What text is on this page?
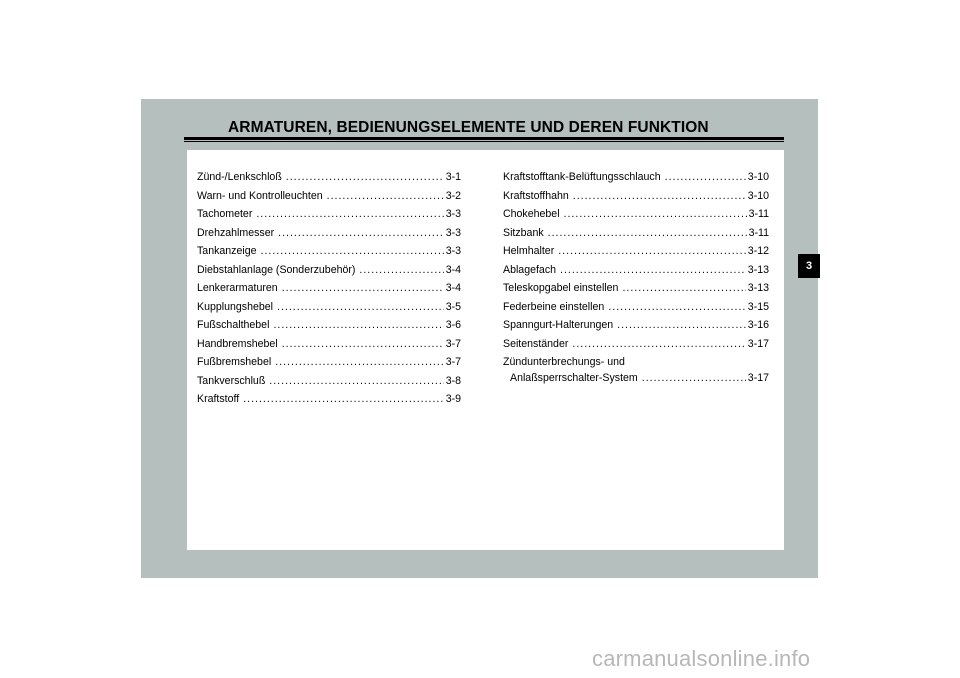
ARMATUREN, BEDIENUNGSELEMENTE UND DEREN FUNKTION
Zünd-/Lenkschloß .....	3-1
Warn- und Kontrolleuchten .....	3-2
Tachometer .....	3-3
Drehzahlmesser .....	3-3
Tankanzeige .....	3-3
Diebstahlanlage (Sonderzubehör) .....	3-4
Lenkerarmaturen .....	3-4
Kupplungshebel .....	3-5
Fußschalthebel .....	3-6
Handbremshebel .....	3-7
Fußbremshebel .....	3-7
Tankverschluß .....	3-8
Kraftstoff .....	3-9
Kraftstofftank-Belüftungsschlauch .....	3-10
Kraftstoffhahn .....	3-10
Chokehebel .....	3-11
Sitzbank .....	3-11
Helmhalter .....	3-12
Ablagefach .....	3-13
Teleskopgabel einstellen .....	3-13
Federbeine einstellen .....	3-15
Spanngurt-Halterungen .....	3-16
Seitenständer .....	3-17
Zündunterbrechungs- und
Anlaßsperrschalter-System .....	3-17
3
carmanualsonline.info
